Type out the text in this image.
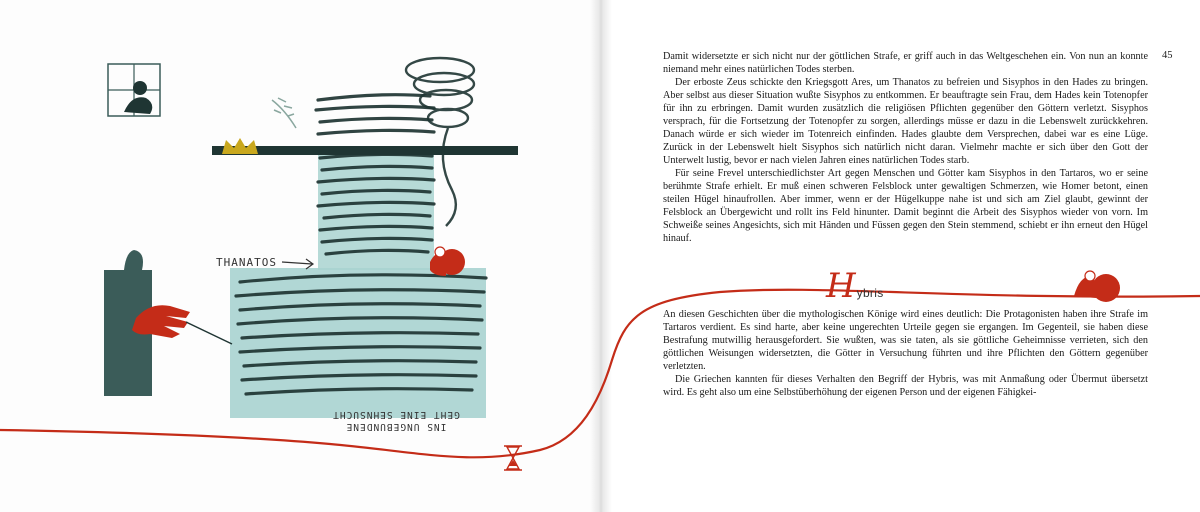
THANATOS
INS UNGEBUNDENE
GEHT EINE SEHNSUCHT
45

Damit widersetzte er sich nicht nur der göttlichen Strafe, er griff auch in das Weltgeschehen ein. Von nun an konnte niemand mehr eines natürlichen Todes sterben.

Der erboste Zeus schickte den Kriegsgott Ares, um Thanatos zu befreien und Sisyphos in den Hades zu bringen. Aber selbst aus dieser Situation wußte Sisyphos zu entkommen. Er beauftragte sein Frau, dem Hades kein Totenopfer für ihn zu erbringen. Damit wurden zusätzlich die religiösen Pflichten gegenüber den Göttern verletzt. Sisyphos versprach, für die Fortsetzung der Totenopfer zu sorgen, allerdings müsse er dazu in die Lebenswelt zurückkehren. Danach würde er sich wieder im Totenreich einfinden. Hades glaubte dem Versprechen, dabei war es eine Lüge. Zurück in der Lebenswelt hielt Sisyphos sich natürlich nicht daran. Vielmehr machte er sich über den Gott der Unterwelt lustig, bevor er nach vielen Jahren eines natürlichen Todes starb.

Für seine Frevel unterschiedlichster Art gegen Menschen und Götter kam Sisyphos in den Tartaros, wo er seine berühmte Strafe erhielt. Er muß einen schweren Felsblock unter gewaltigen Schmerzen, wie Homer betont, einen steilen Hügel hinaufrollen. Aber immer, wenn er der Hügelkuppe nahe ist und sich am Ziel glaubt, gewinnt der Felsblock an Übergewicht und rollt ins Feld hinunter. Damit beginnt die Arbeit des Sisyphos wieder von vorn. Im Schweiße seines Angesichts, sich mit Händen und Füssen gegen den Stein stemmend, schiebt er ihn erneut den Hügel hinauf.

H ybris

An diesen Geschichten über die mythologischen Könige wird eines deutlich: Die Protagonisten haben ihre Strafe im Tartaros verdient. Es sind harte, aber keine ungerechten Urteile gegen sie ergangen. Im Gegenteil, sie haben diese Bestrafung mutwillig herausgefordert. Sie wußten, was sie taten, als sie göttliche Geheimnisse verrieten, sich den göttlichen Weisungen widersetzten, die Götter in Versuchung führten und ihre Pflichten den Göttern gegenüber verletzten.

Die Griechen kannten für dieses Verhalten den Begriff der Hybris, was mit Anmaßung oder Übermut übersetzt wird. Es geht also um eine Selbstüberhöhung der eigenen Person und der eigenen Fähigkei-
